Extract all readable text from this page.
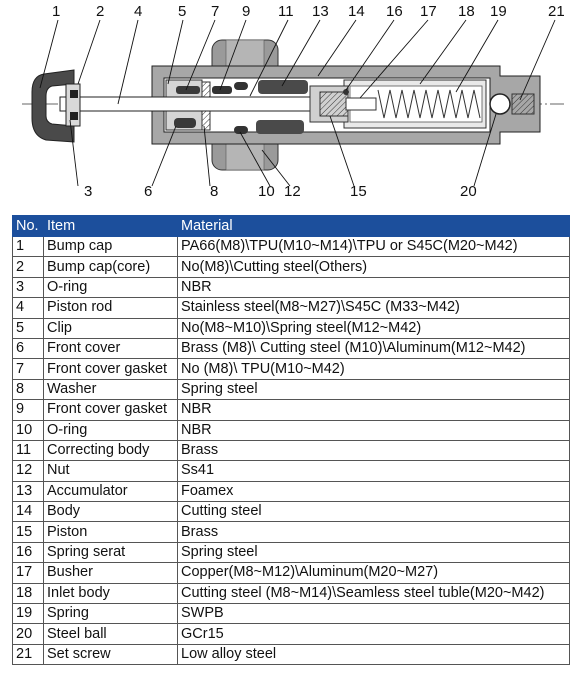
1 2 4 5 7 9 11 13 14 16 17 18 19	21
3	6	8	10 12	15	20
No.	Item	Material
1	Bump cap	PA66(M8)\TPU(M10~M14)\TPU or S45C(M20~M42)
2	Bump cap(core)	No(M8)\Cutting steel(Others)
3	O-ring	NBR
4	Piston rod	Stainless steel(M8~M27)\S45C (M33~M42)
5	Clip	No(M8~M10)\Spring steel(M12~M42)
6	Front cover	Brass (M8)\ Cutting steel (M10)\Aluminum(M12~M42)
7	Front cover gasket	No (M8)\ TPU(M10~M42)
8	Washer	Spring steel
9	Front cover gasket	NBR
10	O-ring	NBR
11	Correcting body	Brass
12	Nut	Ss41
13	Accumulator	Foamex
14	Body	Cutting steel
15	Piston	Brass
16	Spring serat	Spring steel
17	Busher	Copper(M8~M12)\Aluminum(M20~M27)
18	Inlet body	Cutting steel (M8~M14)\Seamless steel tuble(M20~M42)
19	Spring	SWPB
20	Steel ball	GCr15
21	Set screw	Low alloy steel
